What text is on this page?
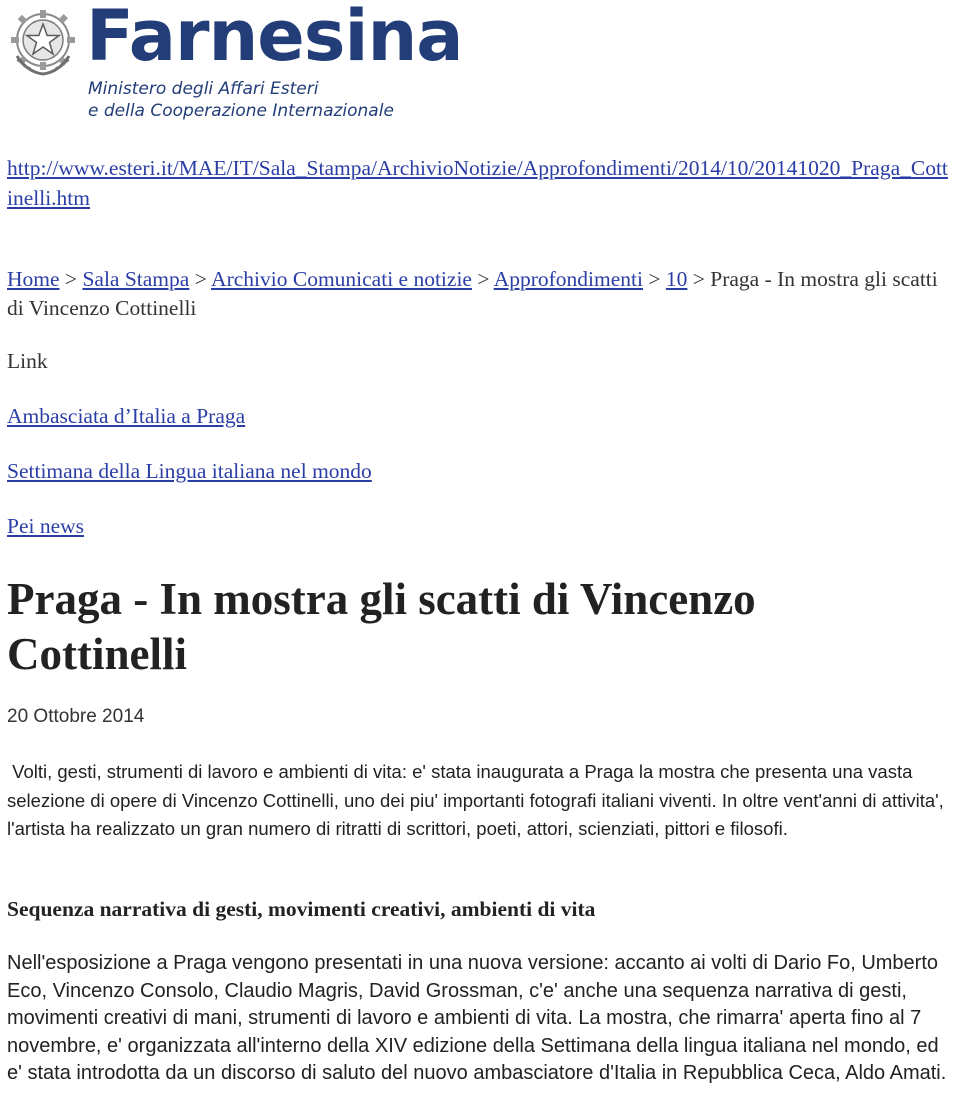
Farnesina
Ministero degli Affari Esteri
e della Cooperazione Internazionale
http://www.esteri.it/MAE/IT/Sala_Stampa/ArchivioNotizie/Approfondimenti/2014/10/20141020_Praga_Cottinelli.htm
Home > Sala Stampa > Archivio Comunicati e notizie > Approfondimenti > 10 > Praga - In mostra gli scatti di Vincenzo Cottinelli
Link
Ambasciata d’Italia a Praga
Settimana della Lingua italiana nel mondo
Pei news
Praga - In mostra gli scatti di Vincenzo Cottinelli
20 Ottobre 2014
Volti, gesti, strumenti di lavoro e ambienti di vita: e' stata inaugurata a Praga la mostra che presenta una vasta selezione di opere di Vincenzo Cottinelli, uno dei piu' importanti fotografi italiani viventi. In oltre vent'anni di attivita', l'artista ha realizzato un gran numero di ritratti di scrittori, poeti, attori, scienziati, pittori e filosofi.
Sequenza narrativa di gesti, movimenti creativi, ambienti di vita
Nell'esposizione a Praga vengono presentati in una nuova versione: accanto ai volti di Dario Fo, Umberto Eco, Vincenzo Consolo, Claudio Magris, David Grossman, c'e' anche una sequenza narrativa di gesti, movimenti creativi di mani, strumenti di lavoro e ambienti di vita. La mostra, che rimarra' aperta fino al 7 novembre, e' organizzata all'interno della XIV edizione della Settimana della lingua italiana nel mondo, ed e' stata introdotta da un discorso di saluto del nuovo ambasciatore d'Italia in Repubblica Ceca, Aldo Amati.
